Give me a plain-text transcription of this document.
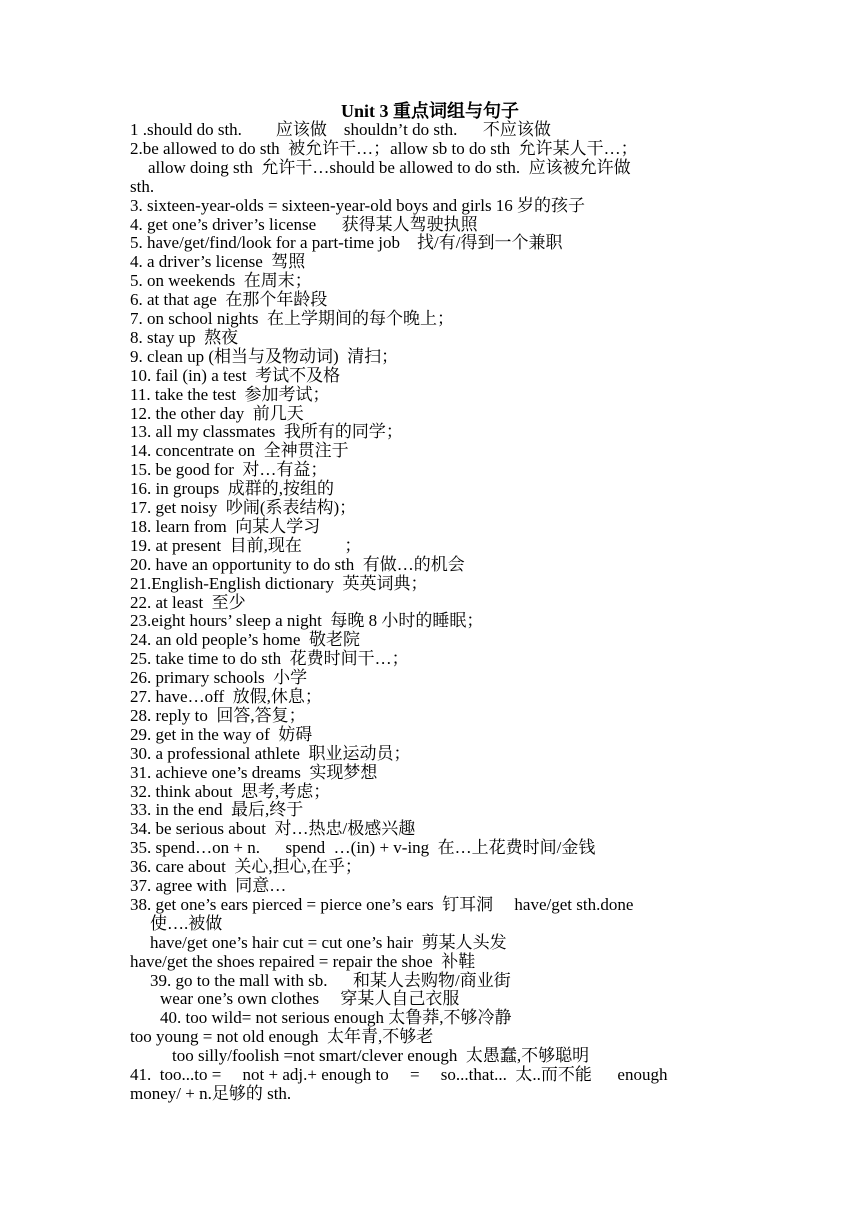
Unit 3 重点词组与句子
1 .should do sth.        应该做    shouldn’t do sth.      不应该做
2.be allowed to do sth  被允许干…；allow sb to do sth  允许某人干…；
allow doing sth  允许干…should be allowed to do sth.  应该被允许做
sth.
3. sixteen-year-olds = sixteen-year-old boys and girls 16 岁的孩子
4. get one’s driver’s license      获得某人驾驶执照
5. have/get/find/look for a part-time job    找/有/得到一个兼职
4. a driver’s license  驾照
5. on weekends  在周末；
6. at that age  在那个年龄段
7. on school nights  在上学期间的每个晚上；
8. stay up  熬夜
9. clean up (相当与及物动词)  清扫；
10. fail (in) a test  考试不及格
11. take the test  参加考试；
12. the other day  前几天
13. all my classmates  我所有的同学；
14. concentrate on  全神贯注于
15. be good for  对…有益；
16. in groups  成群的,按组的
17. get noisy  吵闹(系表结构)；
18. learn from  向某人学习
19. at present  目前,现在          ；
20. have an opportunity to do sth  有做…的机会
21.English-English dictionary  英英词典；
22. at least  至少
23.eight hours’ sleep a night  每晚 8 小时的睡眠；
24. an old people’s home  敬老院
25. take time to do sth  花费时间干…；
26. primary schools  小学
27. have…off  放假,休息；
28. reply to  回答,答复；
29. get in the way of  妨碍
30. a professional athlete  职业运动员；
31. achieve one’s dreams  实现梦想
32. think about  思考,考虑；
33. in the end  最后,终于
34. be serious about  对…热忠/极感兴趣
35. spend…on + n.      spend  …(in) + v-ing  在…上花费时间/金钱
36. care about  关心,担心,在乎；
37. agree with  同意…
38. get one’s ears pierced = pierce one’s ears  钉耳洞     have/get sth.done
使….被做
have/get one’s hair cut = cut one’s hair  剪某人头发
have/get the shoes repaired = repair the shoe  补鞋
39. go to the mall with sb.      和某人去购物/商业街
wear one’s own clothes     穿某人自己衣服
40. too wild= not serious enough 太鲁莽,不够冷静
too young = not old enough  太年青,不够老
too silly/foolish =not smart/clever enough  太愚蠢,不够聪明
41.  too...to =     not + adj.+ enough to     =     so...that...  太..而不能      enough
money/ + n.足够的 sth.
